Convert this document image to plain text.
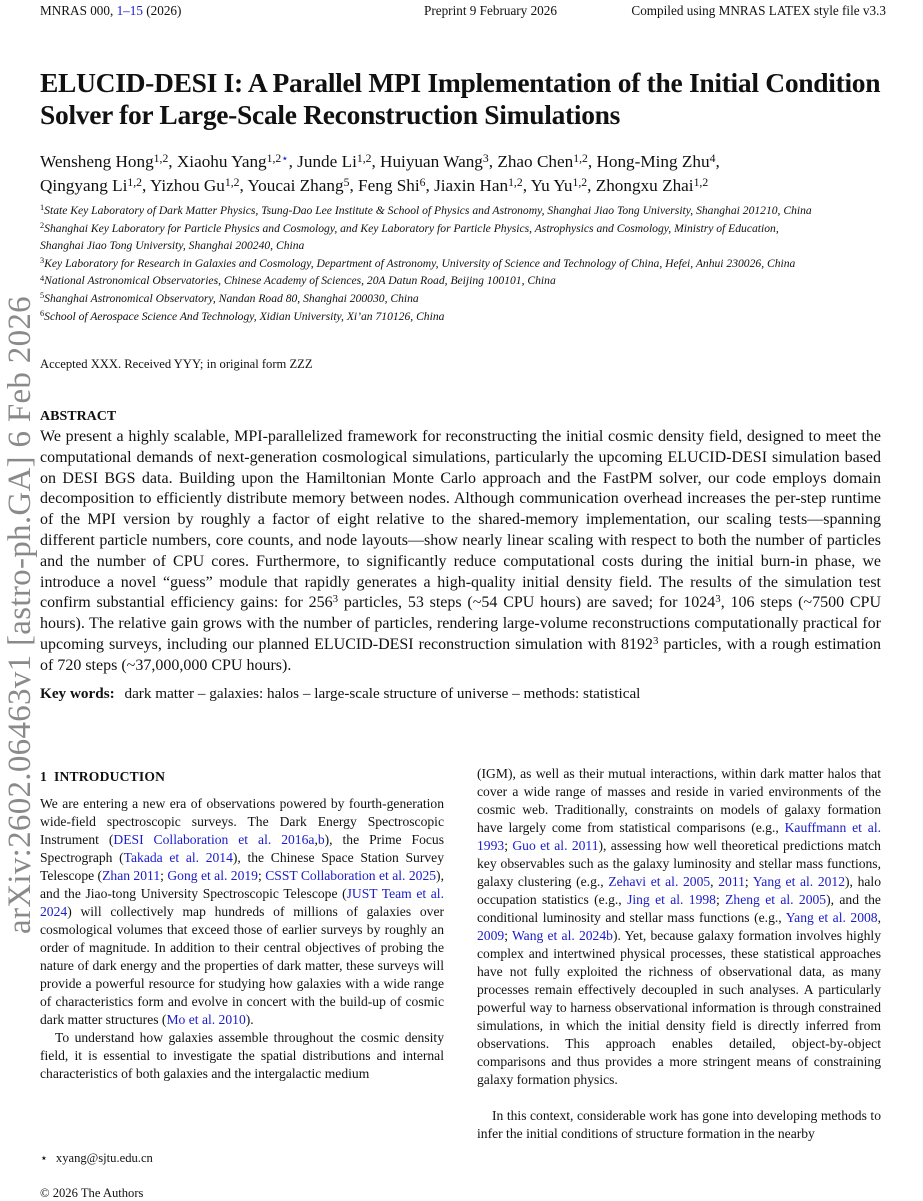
MNRAS 000, 1–15 (2026)	Preprint 9 February 2026	Compiled using MNRAS LATEX style file v3.3
arXiv:2602.06463v1 [astro-ph.GA] 6 Feb 2026
ELUCID-DESI I: A Parallel MPI Implementation of the Initial Condition Solver for Large-Scale Reconstruction Simulations
Wensheng Hong$^{1,2}$, Xiaohu Yang$^{1,2⋆}$, Junde Li$^{1,2}$, Huiyuan Wang$^3$, Zhao Chen$^{1,2}$, Hong-Ming Zhu$^4$,
Qingyang Li$^{1,2}$, Yizhou Gu$^{1,2}$, Youcai Zhang$^5$, Feng Shi$^6$, Jiaxin Han$^{1,2}$, Yu Yu$^{1,2}$, Zhongxu Zhai$^{1,2}$
$^1$State Key Laboratory of Dark Matter Physics, Tsung-Dao Lee Institute & School of Physics and Astronomy, Shanghai Jiao Tong University, Shanghai 201210, China
$^2$Shanghai Key Laboratory for Particle Physics and Cosmology, and Key Laboratory for Particle Physics, Astrophysics and Cosmology, Ministry of Education,
Shanghai Jiao Tong University, Shanghai 200240, China
$^3$Key Laboratory for Research in Galaxies and Cosmology, Department of Astronomy, University of Science and Technology of China, Hefei, Anhui 230026, China
$^4$National Astronomical Observatories, Chinese Academy of Sciences, 20A Datun Road, Beijing 100101, China
$^5$Shanghai Astronomical Observatory, Nandan Road 80, Shanghai 200030, China
$^6$School of Aerospace Science And Technology, Xidian University, Xi’an 710126, China
Accepted XXX. Received YYY; in original form ZZZ
ABSTRACT
We present a highly scalable, MPI-parallelized framework for reconstructing the initial cosmic density field, designed to meet the computational demands of next-generation cosmological simulations, particularly the upcoming ELUCID-DESI simulation based on DESI BGS data. Building upon the Hamiltonian Monte Carlo approach and the FastPM solver, our code employs domain decomposition to efficiently distribute memory between nodes. Although communication overhead increases the per-step runtime of the MPI version by roughly a factor of eight relative to the shared-memory implementation, our scaling tests—spanning different particle numbers, core counts, and node layouts—show nearly linear scaling with respect to both the number of particles and the number of CPU cores. Furthermore, to significantly reduce computational costs during the initial burn-in phase, we introduce a novel “guess” module that rapidly generates a high-quality initial density field. The results of the simulation test confirm substantial efficiency gains: for $256^3$ particles, 53 steps (~54 CPU hours) are saved; for 1024$^3$, 106 steps (~7500 CPU hours). The relative gain grows with the number of particles, rendering large-volume reconstructions computationally practical for upcoming surveys, including our planned ELUCID-DESI reconstruction simulation with 8192$^3$ particles, with a rough estimation of 720 steps (~37,000,000 CPU hours).
Key words: dark matter – galaxies: halos – large-scale structure of universe – methods: statistical
1 INTRODUCTION
We are entering a new era of observations powered by fourth-generation wide-field spectroscopic surveys. The Dark Energy Spectroscopic Instrument (DESI Collaboration et al. 2016a,b), the Prime Focus Spectrograph (Takada et al. 2014), the Chinese Space Station Survey Telescope (Zhan 2011; Gong et al. 2019; CSST Collaboration et al. 2025), and the Jiao-tong University Spectroscopic Telescope (JUST Team et al. 2024) will collectively map hundreds of millions of galaxies over cosmological volumes that exceed those of earlier surveys by roughly an order of magnitude. In addition to their central objectives of probing the nature of dark energy and the properties of dark matter, these surveys will provide a powerful resource for studying how galaxies with a wide range of characteristics form and evolve in concert with the build-up of cosmic dark matter structures (Mo et al. 2010).
To understand how galaxies assemble throughout the cosmic density field, it is essential to investigate the spatial distributions and internal characteristics of both galaxies and the intergalactic medium
(IGM), as well as their mutual interactions, within dark matter halos that cover a wide range of masses and reside in varied environments of the cosmic web. Traditionally, constraints on models of galaxy formation have largely come from statistical comparisons (e.g., Kauffmann et al. 1993; Guo et al. 2011), assessing how well theoretical predictions match key observables such as the galaxy luminosity and stellar mass functions, galaxy clustering (e.g., Zehavi et al. 2005, 2011; Yang et al. 2012), halo occupation statistics (e.g., Jing et al. 1998; Zheng et al. 2005), and the conditional luminosity and stellar mass functions (e.g., Yang et al. 2008, 2009; Wang et al. 2024b). Yet, because galaxy formation involves highly complex and intertwined physical processes, these statistical approaches have not fully exploited the richness of observational data, as many processes remain effectively decoupled in such analyses. A particularly powerful way to harness observational information is through constrained simulations, in which the initial density field is directly inferred from observations. This approach enables detailed, object-by-object comparisons and thus provides a more stringent means of constraining galaxy formation physics.
In this context, considerable work has gone into developing methods to infer the initial conditions of structure formation in the nearby
⋆ xyang@sjtu.edu.cn
© 2026 The Authors
